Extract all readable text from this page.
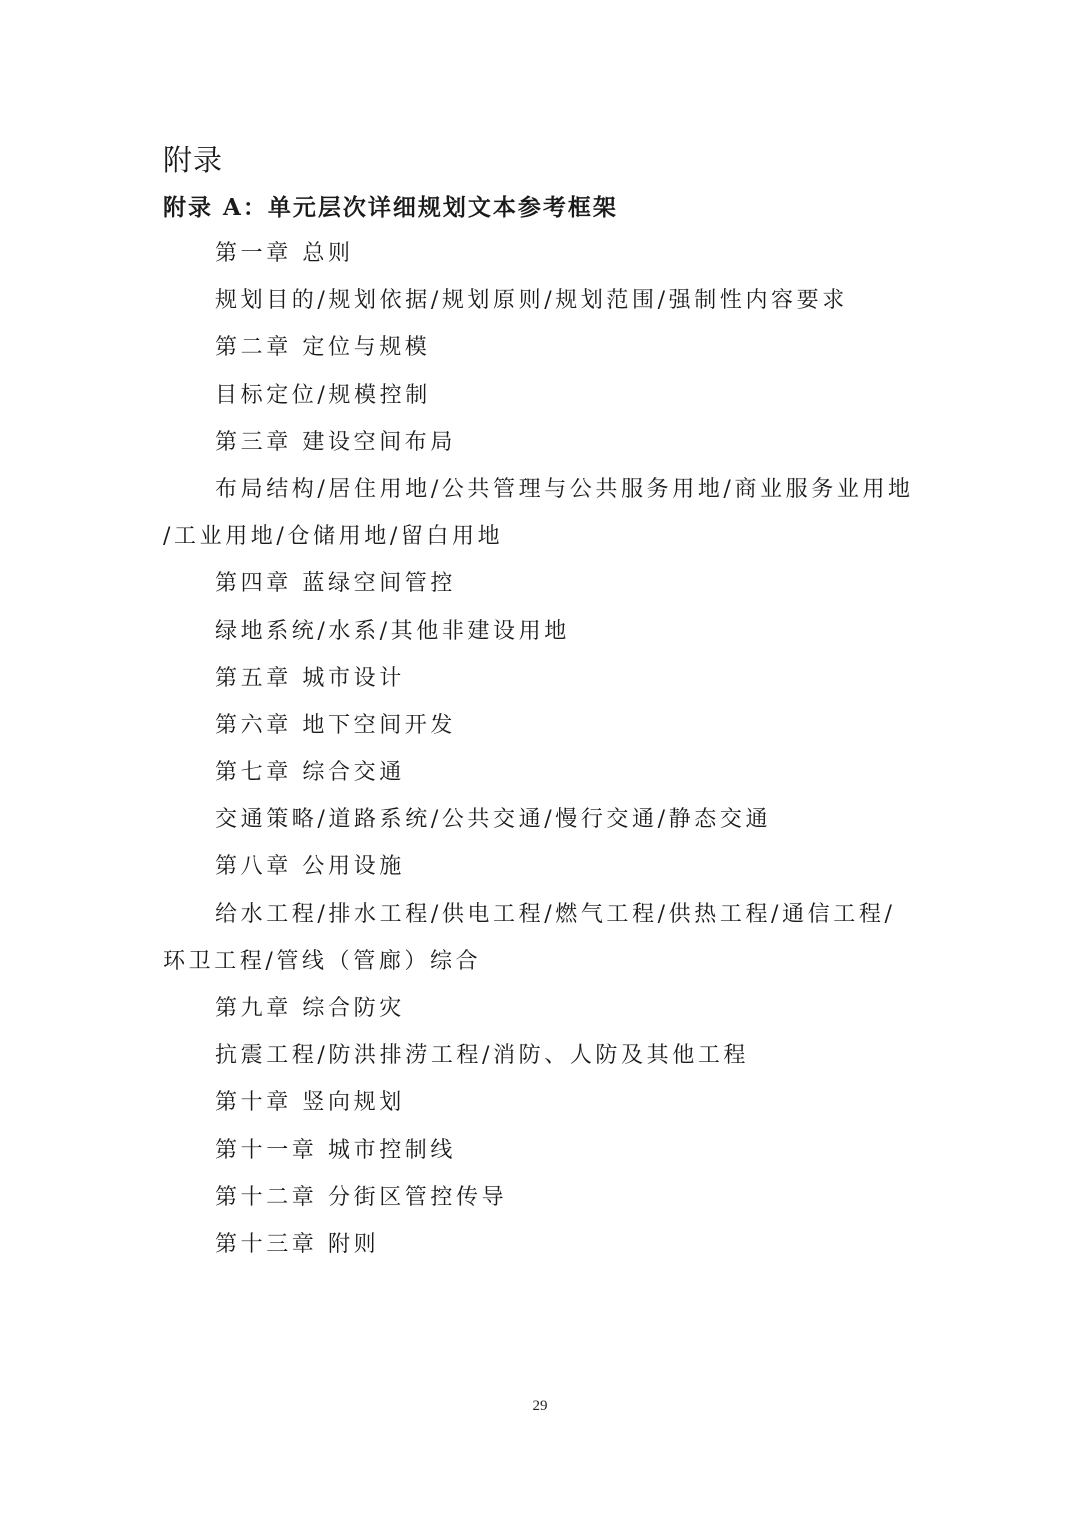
附录
附录 A：单元层次详细规划文本参考框架
第一章 总则
规划目的/规划依据/规划原则/规划范围/强制性内容要求
第二章 定位与规模
目标定位/规模控制
第三章 建设空间布局
布局结构/居住用地/公共管理与公共服务用地/商业服务业用地
/工业用地/仓储用地/留白用地
第四章 蓝绿空间管控
绿地系统/水系/其他非建设用地
第五章 城市设计
第六章 地下空间开发
第七章 综合交通
交通策略/道路系统/公共交通/慢行交通/静态交通
第八章 公用设施
给水工程/排水工程/供电工程/燃气工程/供热工程/通信工程/
环卫工程/管线（管廊）综合
第九章 综合防灾
抗震工程/防洪排涝工程/消防、人防及其他工程
第十章 竖向规划
第十一章 城市控制线
第十二章 分街区管控传导
第十三章 附则
29
